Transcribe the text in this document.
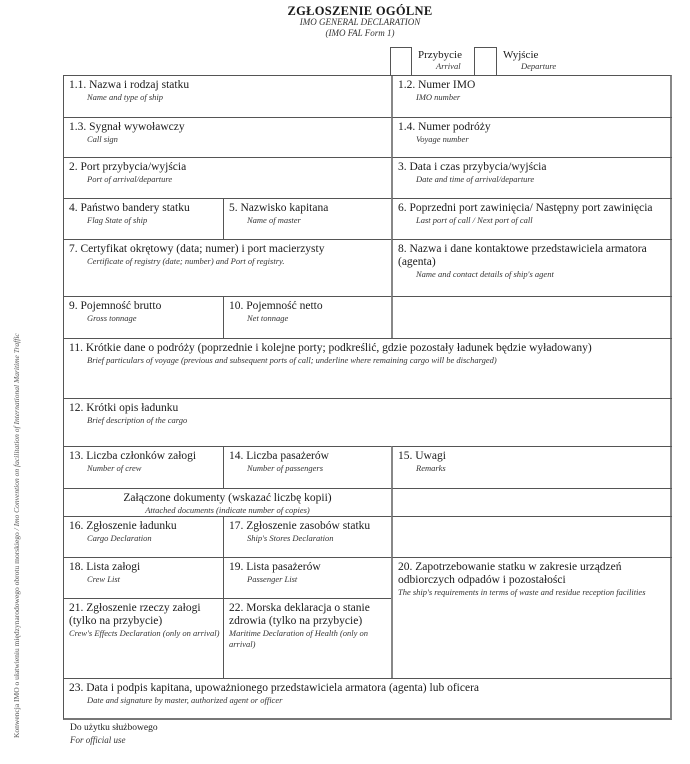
ZGŁOSZENIE OGÓLNE
IMO GENERAL DECLARATION
(IMO FAL Form 1)
Przybycie
Arrival
Wyjście
Departure
1.1. Nazwa i rodzaj statku
Name and type of ship
1.2. Numer IMO
IMO number
1.3. Sygnał wywoławczy
Call sign
1.4. Numer podróży
Voyage number
2. Port przybycia/wyjścia
Port of arrival/departure
3. Data i czas przybycia/wyjścia
Date and time of arrival/departure
4. Państwo bandery statku
Flag State of ship
5. Nazwisko kapitana
Name of master
6. Poprzedni port zawinięcia/ Następny port zawinięcia
Last port of call / Next port of call
7. Certyfikat okrętowy (data; numer) i port macierzysty
Certificate of registry (date; number) and Port of registry.
8. Nazwa i dane kontaktowe przedstawiciela armatora (agenta)
Name and contact details of ship's agent
9. Pojemność brutto
Gross tonnage
10. Pojemność netto
Net tonnage
11. Krótkie dane o podróży (poprzednie i kolejne porty; podkreślić, gdzie pozostały ładunek będzie wyładowany)
Brief particulars of voyage (previous and subsequent ports of call; underline where remaining cargo will be discharged)
12. Krótki opis ładunku
Brief description of the cargo
13. Liczba członków załogi
Number of crew
14. Liczba pasażerów
Number of passengers
15. Uwagi
Remarks
Załączone dokumenty (wskazać liczbę kopii)
Attached documents (indicate number of copies)
16. Zgłoszenie ładunku
Cargo Declaration
17. Zgłoszenie zasobów statku
Ship's Stores Declaration
18. Lista załogi
Crew List
19. Lista pasażerów
Passenger List
20. Zapotrzebowanie statku w zakresie urządzeń odbiorczych odpadów i pozostałości
The ship's requirements in terms of waste and residue reception facilities
21. Zgłoszenie rzeczy załogi (tylko na przybycie)
Crew's Effects Declaration (only on arrival)
22. Morska deklaracja o stanie zdrowia (tylko na przybycie)
Maritime Declaration of Health (only on arrival)
23. Data i podpis kapitana, upoważnionego przedstawiciela armatora (agenta) lub oficera
Date and signature by master, authorized agent or officer
Do użytku służbowego
For official use
Konwencja IMO o ułatwieniu międzynarodowego obrotu morskiego / Imo Convention on facilitation of International Maritime Traffic
